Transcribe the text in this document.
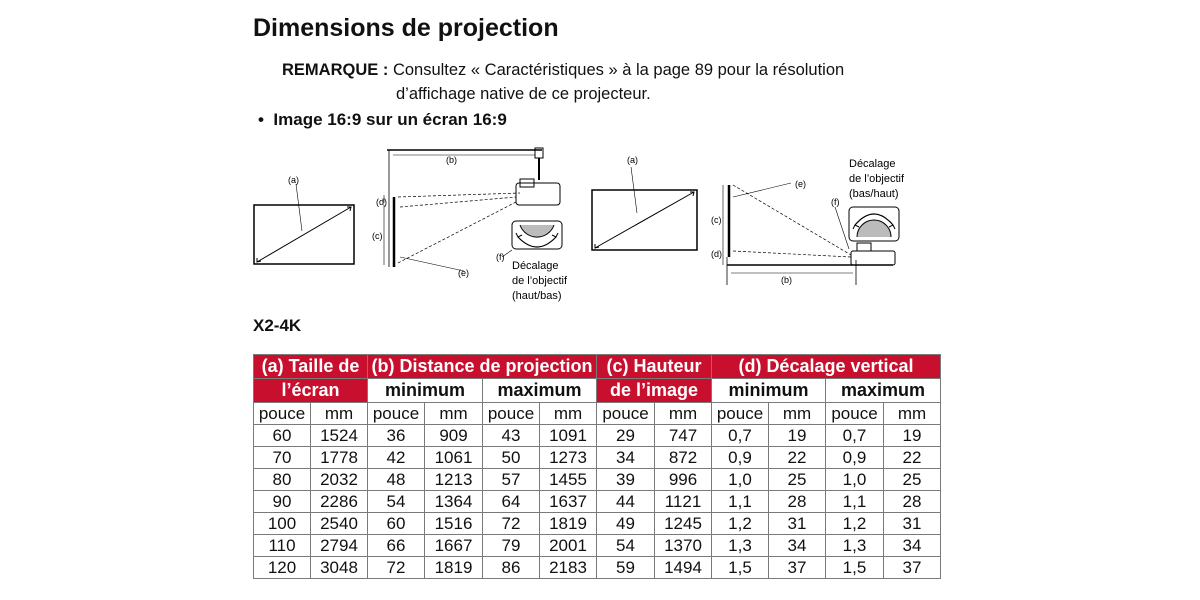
Dimensions de projection
REMARQUE : Consultez « Caractéristiques » à la page 89 pour la résolution
d’affichage native de ce projecteur.
•  Image 16:9 sur un écran 16:9
(a)
(b)
(c)
(d)
(e)
(f)
Décalage
de l’objectif
(haut/bas)
(a)
(b)
(c)
(d)
(e)
(f)
Décalage
de l’objectif
(bas/haut)
X2-4K
(a) Taille de		(b) Distance de projection				(c) Hauteur		(d) Décalage vertical			
l’écran		minimum		maximum		de l’image		minimum		maximum	
pouce	mm	pouce	mm	pouce	mm	pouce	mm	pouce	mm	pouce	mm
60	1524	36	909	43	1091	29	747	0,7	19	0,7	19
70	1778	42	1061	50	1273	34	872	0,9	22	0,9	22
80	2032	48	1213	57	1455	39	996	1,0	25	1,0	25
90	2286	54	1364	64	1637	44	1121	1,1	28	1,1	28
100	2540	60	1516	72	1819	49	1245	1,2	31	1,2	31
110	2794	66	1667	79	2001	54	1370	1,3	34	1,3	34
120	3048	72	1819	86	2183	59	1494	1,5	37	1,5	37
